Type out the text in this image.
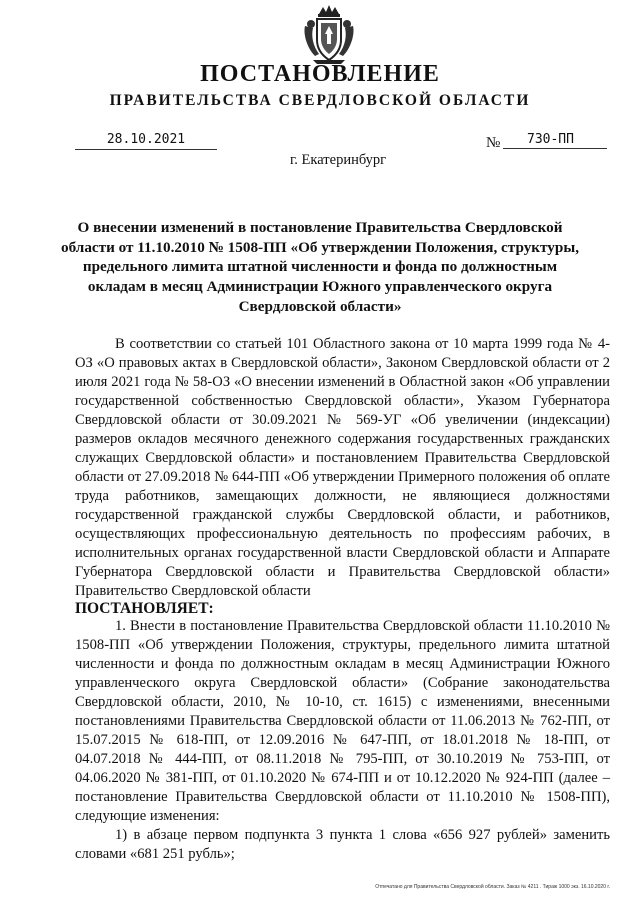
ПОСТАНОВЛЕНИЕ
ПРАВИТЕЛЬСТВА СВЕРДЛОВСКОЙ ОБЛАСТИ
28.10.2021	№	730-ПП
г. Екатеринбург
О внесении изменений в постановление Правительства Свердловской области от 11.10.2010 № 1508-ПП «Об утверждении Положения, структуры, предельного лимита штатной численности и фонда по должностным окладам в месяц Администрации Южного управленческого округа Свердловской области»

В соответствии со статьей 101 Областного закона от 10 марта 1999 года № 4-ОЗ «О правовых актах в Свердловской области», Законом Свердловской области от 2 июля 2021 года № 58-ОЗ «О внесении изменений в Областной закон «Об управлении государственной собственностью Свердловской области», Указом Губернатора Свердловской области от 30.09.2021 № 569-УГ «Об увеличении (индексации) размеров окладов месячного денежного содержания государственных гражданских служащих Свердловской области» и постановлением Правительства Свердловской области от 27.09.2018 № 644-ПП «Об утверждении Примерного положения об оплате труда работников, замещающих должности, не являющиеся должностями государственной гражданской службы Свердловской области, и работников, осуществляющих профессиональную деятельность по профессиям рабочих, в исполнительных органах государственной власти Свердловской области и Аппарате Губернатора Свердловской области и Правительства Свердловской области» Правительство Свердловской области

ПОСТАНОВЛЯЕТ:

1. Внести в постановление Правительства Свердловской области 11.10.2010 № 1508-ПП «Об утверждении Положения, структуры, предельного лимита штатной численности и фонда по должностным окладам в месяц Администрации Южного управленческого округа Свердловской области» (Собрание законодательства Свердловской области, 2010, № 10-10, ст. 1615) с изменениями, внесенными постановлениями Правительства Свердловской области от 11.06.2013 № 762-ПП, от 15.07.2015 № 618-ПП, от 12.09.2016 № 647-ПП, от 18.01.2018 № 18-ПП, от 04.07.2018 № 444-ПП, от 08.11.2018 № 795-ПП, от 30.10.2019 № 753-ПП, от 04.06.2020 № 381-ПП, от 01.10.2020 № 674-ПП и от 10.12.2020 № 924-ПП (далее – постановление Правительства Свердловской области от 11.10.2010 № 1508-ПП), следующие изменения:

1) в абзаце первом подпункта 3 пункта 1 слова «656 927 рублей» заменить словами «681 251 рубль»;

Отпечатано для Правительства Свердловской области. Заказ № 4211 . Тираж 1000 экз. 16.10.2020 г.
